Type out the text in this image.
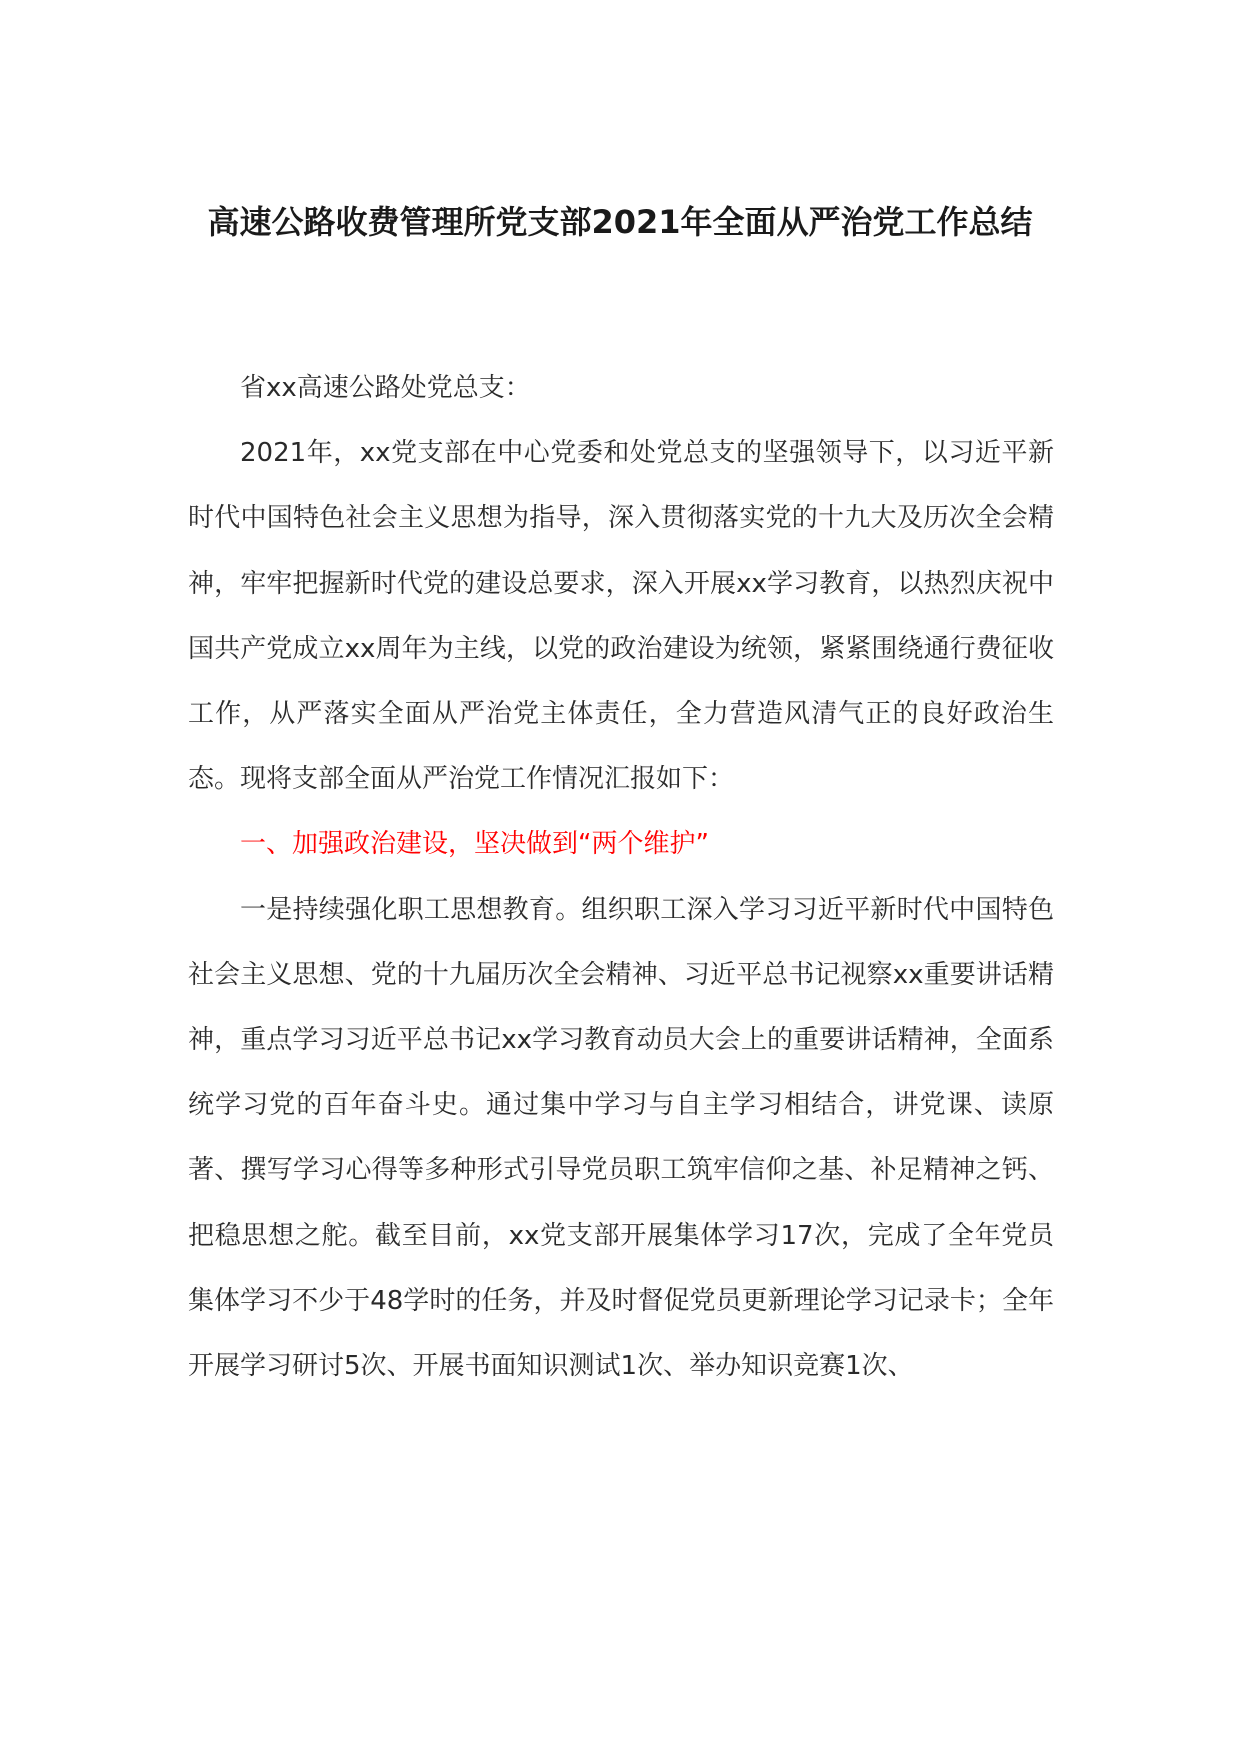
高速公路收费管理所党支部2021年全面从严治党工作总结

省xx高速公路处党总支：

2021年，xx党支部在中心党委和处党总支的坚强领导下，以习近平新时代中国特色社会主义思想为指导，深入贯彻落实党的十九大及历次全会精神，牢牢把握新时代党的建设总要求，深入开展xx学习教育，以热烈庆祝中国共产党成立xx周年为主线，以党的政治建设为统领，紧紧围绕通行费征收工作，从严落实全面从严治党主体责任，全力营造风清气正的良好政治生态。现将支部全面从严治党工作情况汇报如下：

一、加强政治建设，坚决做到“两个维护”

一是持续强化职工思想教育。组织职工深入学习习近平新时代中国特色社会主义思想、党的十九届历次全会精神、习近平总书记视察xx重要讲话精神，重点学习习近平总书记xx学习教育动员大会上的重要讲话精神，全面系统学习党的百年奋斗史。通过集中学习与自主学习相结合，讲党课、读原著、撰写学习心得等多种形式引导党员职工筑牢信仰之基、补足精神之钙、把稳思想之舵。截至目前，xx党支部开展集体学习17次，完成了全年党员集体学习不少于48学时的任务，并及时督促党员更新理论学习记录卡；全年开展学习研讨5次、开展书面知识测试1次、举办知识竞赛1次、
